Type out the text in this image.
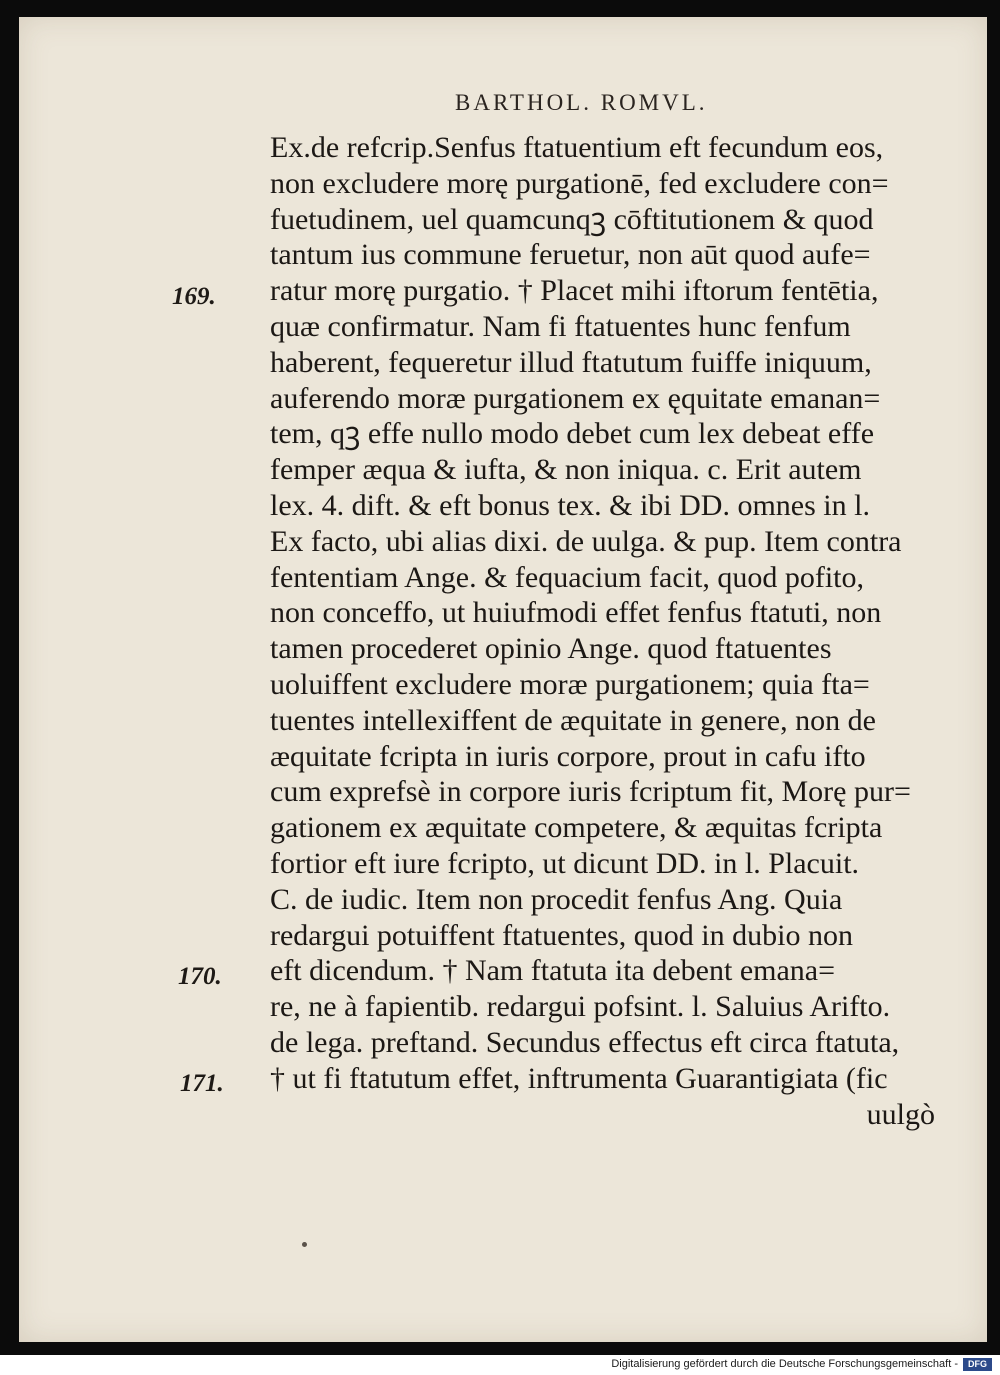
BARTHOL. ROMVL.
169.
170.
171.
Ex.de refcrip.Senfus ftatuentium eft fecundum eos,
non excludere morę purgationē, fed excludere con=
fuetudinem, uel quamcunqꝫ cōftitutionem & quod
tantum ius commune feruetur, non aūt quod aufe=
ratur morę purgatio. † Placet mihi iftorum fentētia,
quæ confirmatur. Nam fi ftatuentes hunc fenfum
haberent, fequeretur illud ftatutum fuiffe iniquum,
auferendo moræ purgationem ex ęquitate emanan=
tem, qꝫ effe nullo modo debet cum lex debeat effe
femper æqua & iufta, & non iniqua. c. Erit autem
lex. 4. dift. & eft bonus tex. & ibi DD. omnes in l.
Ex facto, ubi alias dixi. de uulga. & pup. Item contra
fententiam Ange. & fequacium facit, quod pofito,
non conceffo, ut huiufmodi effet fenfus ftatuti, non
tamen procederet opinio Ange. quod ftatuentes
uoluiffent excludere moræ purgationem; quia fta=
tuentes intellexiffent de æquitate in genere, non de
æquitate fcripta in iuris corpore, prout in cafu ifto
cum exprefsè in corpore iuris fcriptum fit, Morę pur=
gationem ex æquitate competere, & æquitas fcripta
fortior eft iure fcripto, ut dicunt DD. in l. Placuit.
C. de iudic. Item non procedit fenfus Ang. Quia
redargui potuiffent ftatuentes, quod in dubio non
eft dicendum. † Nam ftatuta ita debent emana=
re, ne à fapientib. redargui pofsint. l. Saluius Arifto.
de lega. preftand. Secundus effectus eft circa ftatuta,
† ut fi ftatutum effet, inftrumenta Guarantigiata (fic
uulgò
Digitalisierung gefördert durch die Deutsche Forschungsgemeinschaft -	DFG
